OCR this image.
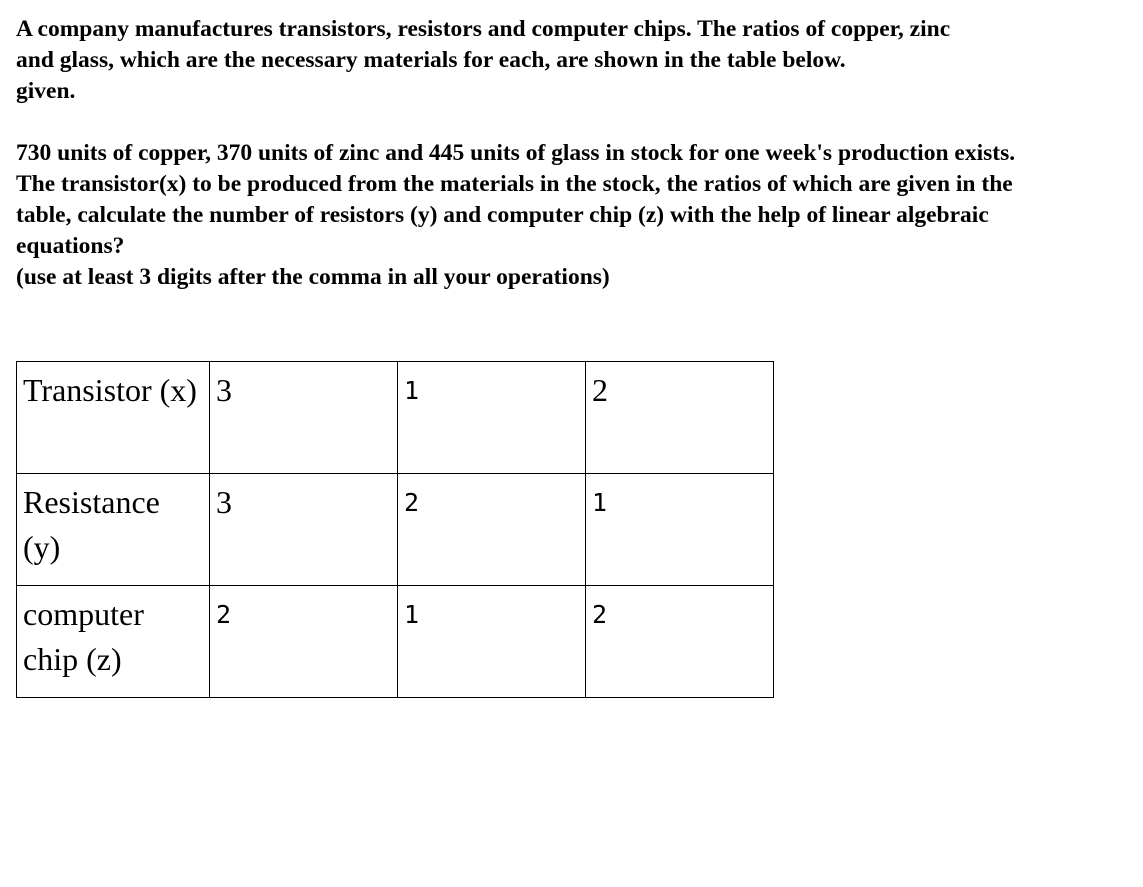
A company manufactures transistors, resistors and computer chips. The ratios of copper, zinc and glass, which are the necessary materials for each, are shown in the table below.

given.

730 units of copper, 370 units of zinc and 445 units of glass in stock for one week's production exists. The transistor(x) to be produced from the materials in the stock, the ratios of which are given in the table, calculate the number of resistors (y) and computer chip (z) with the help of linear algebraic equations?

(use at least 3 digits after the comma in all your operations)

Transistor (x)	3	1	2
Resistance (y)	3	2	1
computer chip (z)	2	1	2
